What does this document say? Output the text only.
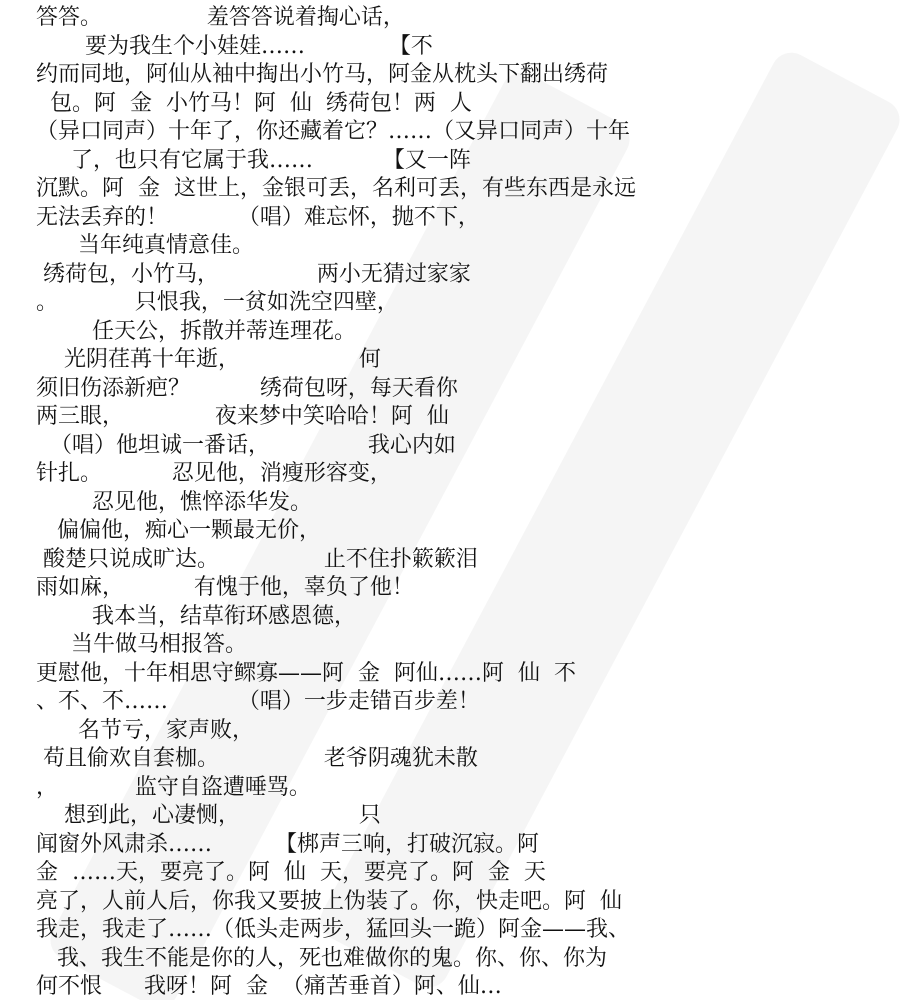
答答。               羞答答说着掏心话，
要为我生个小娃娃……            【不
约而同地，阿仙从袖中掏出小竹马，阿金从枕头下翻出绣荷
包。阿  金  小竹马！阿  仙  绣荷包！两  人
（异口同声）十年了，你还藏着它？……（又异口同声）十年
了，也只有它属于我……          【又一阵
沉默。阿  金  这世上，金银可丢，名利可丢，有些东西是永远
无法丢弃的！          （唱）难忘怀，抛不下，
当年纯真情意佳。
绣荷包，小竹马，              两小无猜过家家
。           只恨我，一贫如洗空四壁，
任天公，拆散并蒂连理花。
光阴荏苒十年逝，                 何
须旧伤添新疤？          绣荷包呀，每天看你
两三眼，             夜来梦中笑哈哈！阿  仙
（唱）他坦诚一番话，              我心内如
针扎。          忍见他，消瘦形容变，
忍见他，憔悴添华发。
偏偏他，痴心一颗最无价，
酸楚只说成旷达。               止不住扑簌簌泪
雨如麻，          有愧于他，辜负了他！
我本当，结草衔环感恩德，
当牛做马相报答。
更慰他，十年相思守鳏寡——阿  金  阿仙……阿  仙  不
、不、不……          （唱）一步走错百步差！
名节亏，家声败，
苟且偷欢自套枷。               老爷阴魂犹未散
，           监守自盗遭唾骂。
想到此，心凄恻，                 只
闻窗外风肃杀……         【梆声三响，打破沉寂。阿
金  ……天，要亮了。阿  仙  天，要亮了。阿  金  天
亮了，人前人后，你我又要披上伪装了。你，快走吧。阿  仙
我走，我走了……（低头走两步，猛回头一跪）阿金——我、
我、我生不能是你的人，死也难做你的鬼。你、你、你为
何不恨      我呀！阿  金  （痛苦垂首）阿、仙…
